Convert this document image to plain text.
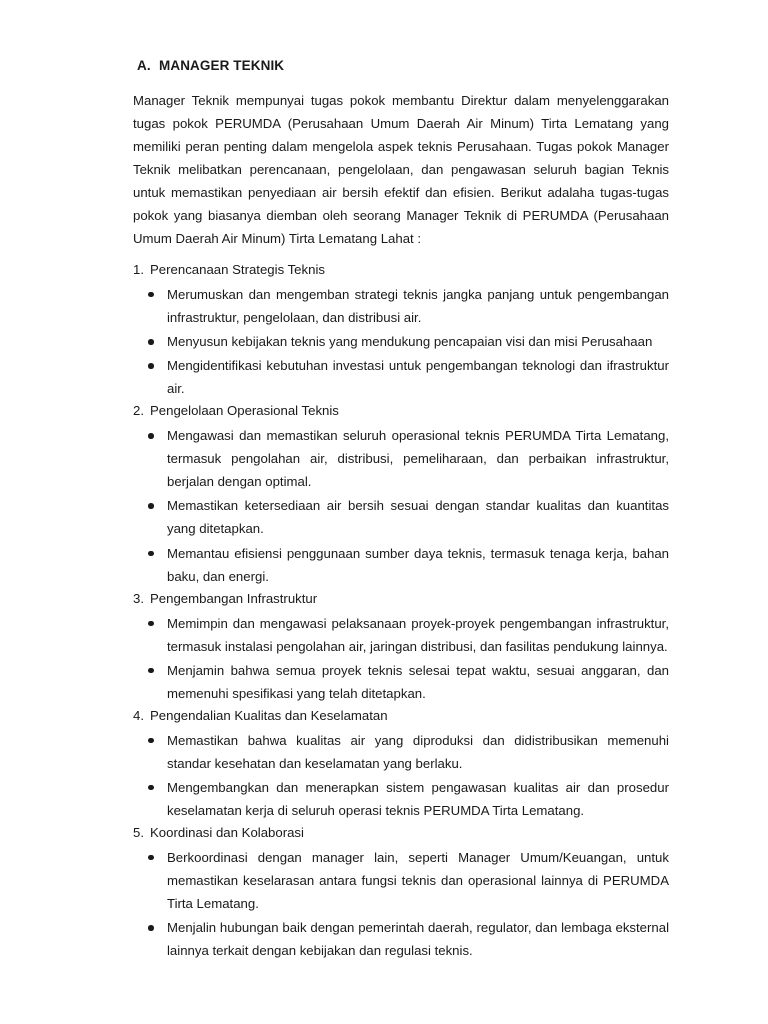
A. MANAGER TEKNIK

Manager Teknik mempunyai tugas pokok membantu Direktur dalam menyelenggarakan tugas pokok PERUMDA (Perusahaan Umum Daerah Air Minum) Tirta Lematang yang memiliki peran penting dalam mengelola aspek teknis Perusahaan. Tugas pokok Manager Teknik melibatkan perencanaan, pengelolaan, dan pengawasan seluruh bagian Teknis untuk memastikan penyediaan air bersih efektif dan efisien. Berikut adalaha tugas-tugas pokok yang biasanya diemban oleh seorang Manager Teknik di PERUMDA (Perusahaan Umum Daerah Air Minum) Tirta Lematang Lahat :

1. Perencanaan Strategis Teknis
Merumuskan dan mengemban strategi teknis jangka panjang untuk pengembangan infrastruktur, pengelolaan, dan distribusi air.
Menyusun kebijakan teknis yang mendukung pencapaian visi dan misi Perusahaan
Mengidentifikasi kebutuhan investasi untuk pengembangan teknologi dan ifrastruktur air.
2. Pengelolaan Operasional Teknis
Mengawasi dan memastikan seluruh operasional teknis PERUMDA Tirta Lematang, termasuk pengolahan air, distribusi, pemeliharaan, dan perbaikan infrastruktur, berjalan dengan optimal.
Memastikan ketersediaan air bersih sesuai dengan standar kualitas dan kuantitas yang ditetapkan.
Memantau efisiensi penggunaan sumber daya teknis, termasuk tenaga kerja, bahan baku, dan energi.
3. Pengembangan Infrastruktur
Memimpin dan mengawasi pelaksanaan proyek-proyek pengembangan infrastruktur, termasuk instalasi pengolahan air, jaringan distribusi, dan fasilitas pendukung lainnya.
Menjamin bahwa semua proyek teknis selesai tepat waktu, sesuai anggaran, dan memenuhi spesifikasi yang telah ditetapkan.
4. Pengendalian Kualitas dan Keselamatan
Memastikan bahwa kualitas air yang diproduksi dan didistribusikan memenuhi standar kesehatan dan keselamatan yang berlaku.
Mengembangkan dan menerapkan sistem pengawasan kualitas air dan prosedur keselamatan kerja di seluruh operasi teknis PERUMDA Tirta Lematang.
5. Koordinasi dan Kolaborasi
Berkoordinasi dengan manager lain, seperti Manager Umum/Keuangan, untuk memastikan keselarasan antara fungsi teknis dan operasional lainnya di PERUMDA Tirta Lematang.
Menjalin hubungan baik dengan pemerintah daerah, regulator, dan lembaga eksternal lainnya terkait dengan kebijakan dan regulasi teknis.
